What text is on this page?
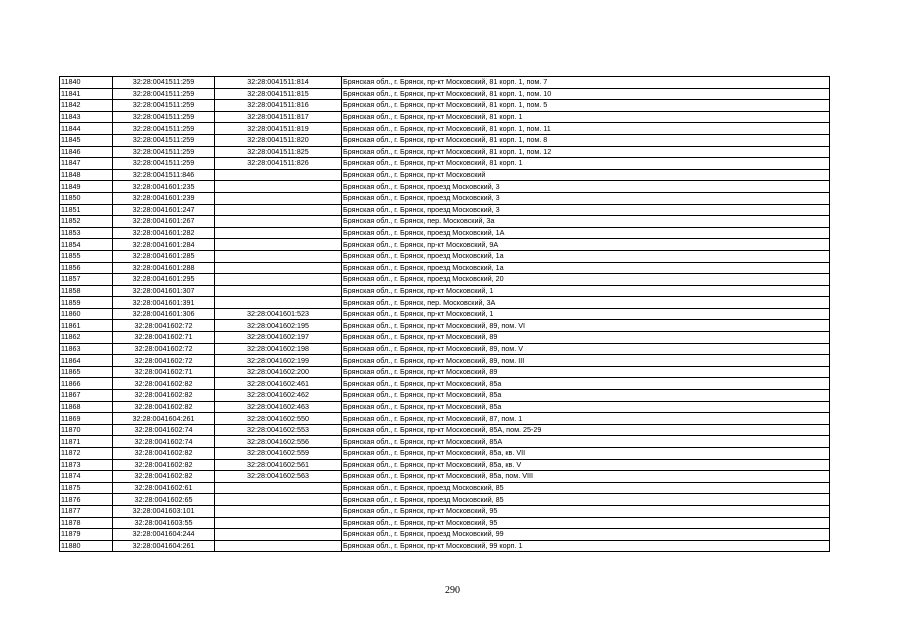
11840	32:28:0041511:259	32:28:0041511:814	Брянская обл., г. Брянск, пр-кт Московский, 81 корп. 1, пом. 7
11841	32:28:0041511:259	32:28:0041511:815	Брянская обл., г. Брянск, пр-кт Московский, 81 корп. 1, пом. 10
11842	32:28:0041511:259	32:28:0041511:816	Брянская обл., г. Брянск, пр-кт Московский, 81 корп. 1, пом. 5
11843	32:28:0041511:259	32:28:0041511:817	Брянская обл., г. Брянск, пр-кт Московский, 81 корп. 1
11844	32:28:0041511:259	32:28:0041511:819	Брянская обл., г. Брянск, пр-кт Московский, 81 корп. 1, пом. 11
11845	32:28:0041511:259	32:28:0041511:820	Брянская обл., г. Брянск, пр-кт Московский, 81 корп. 1, пом. 8
11846	32:28:0041511:259	32:28:0041511:825	Брянская обл., г. Брянск, пр-кт Московский, 81 корп. 1, пом. 12
11847	32:28:0041511:259	32:28:0041511:826	Брянская обл., г. Брянск, пр-кт Московский, 81 корп. 1
11848	32:28:0041511:846		Брянская обл., г. Брянск, пр-кт Московский
11849	32:28:0041601:235		Брянская обл., г. Брянск, проезд Московский, 3
11850	32:28:0041601:239		Брянская обл., г. Брянск, проезд Московский, 3
11851	32:28:0041601:247		Брянская обл., г. Брянск, проезд Московский, 3
11852	32:28:0041601:267		Брянская обл., г. Брянск, пер. Московский, 3а
11853	32:28:0041601:282		Брянская обл., г. Брянск, проезд Московский, 1А
11854	32:28:0041601:284		Брянская обл., г. Брянск, пр-кт Московский, 9А
11855	32:28:0041601:285		Брянская обл., г. Брянск, проезд Московский, 1а
11856	32:28:0041601:288		Брянская обл., г. Брянск, проезд Московский, 1а
11857	32:28:0041601:295		Брянская обл., г. Брянск, проезд Московский, 20
11858	32:28:0041601:307		Брянская обл., г. Брянск, пр-кт Московский, 1
11859	32:28:0041601:391		Брянская обл., г. Брянск, пер. Московский, 3А
11860	32:28:0041601:306	32:28:0041601:523	Брянская обл., г. Брянск, пр-кт Московский, 1
11861	32:28:0041602:72	32:28:0041602:195	Брянская обл., г. Брянск, пр-кт Московский, 89, пом. VI
11862	32:28:0041602:71	32:28:0041602:197	Брянская обл., г. Брянск, пр-кт Московский, 89
11863	32:28:0041602:72	32:28:0041602:198	Брянская обл., г. Брянск, пр-кт Московский, 89, пом. V
11864	32:28:0041602:72	32:28:0041602:199	Брянская обл., г. Брянск, пр-кт Московский, 89, пом. III
11865	32:28:0041602:71	32:28:0041602:200	Брянская обл., г. Брянск, пр-кт Московский, 89
11866	32:28:0041602:82	32:28:0041602:461	Брянская обл., г. Брянск, пр-кт Московский, 85а
11867	32:28:0041602:82	32:28:0041602:462	Брянская обл., г. Брянск, пр-кт Московский, 85а
11868	32:28:0041602:82	32:28:0041602:463	Брянская обл., г. Брянск, пр-кт Московский, 85а
11869	32:28:0041604:261	32:28:0041602:550	Брянская обл., г. Брянск, пр-кт Московский, 87, пом. 1
11870	32:28:0041602:74	32:28:0041602:553	Брянская обл., г. Брянск, пр-кт Московский, 85А, пом. 25-29
11871	32:28:0041602:74	32:28:0041602:556	Брянская обл., г. Брянск, пр-кт Московский, 85А
11872	32:28:0041602:82	32:28:0041602:559	Брянская обл., г. Брянск, пр-кт Московский, 85а, кв. VII
11873	32:28:0041602:82	32:28:0041602:561	Брянская обл., г. Брянск, пр-кт Московский, 85а, кв. V
11874	32:28:0041602:82	32:28:0041602:563	Брянская обл., г. Брянск, пр-кт Московский, 85а, пом. VIII
11875	32:28:0041602:61		Брянская обл., г. Брянск, проезд Московский, 85
11876	32:28:0041602:65		Брянская обл., г. Брянск, проезд Московский, 85
11877	32:28:0041603:101		Брянская обл., г. Брянск, пр-кт Московский, 95
11878	32:28:0041603:55		Брянская обл., г. Брянск, пр-кт Московский, 95
11879	32:28:0041604:244		Брянская обл., г. Брянск, проезд Московский, 99
11880	32:28:0041604:261		Брянская обл., г. Брянск, пр-кт Московский, 99 корп. 1
290
